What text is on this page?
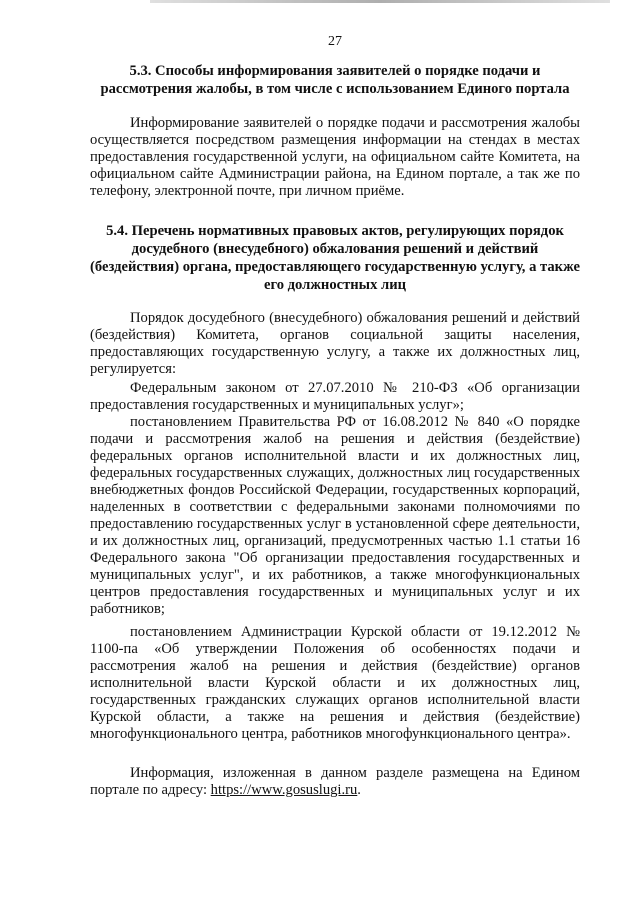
27

5.3. Способы информирования заявителей о порядке подачи и рассмотрения жалобы, в том числе с использованием Единого портала

Информирование заявителей о порядке подачи и рассмотрения жалобы осуществляется посредством размещения информации на стендах в местах предоставления государственной услуги, на официальном сайте Комитета, на официальном сайте Администрации района, на Едином портале, а так же по телефону, электронной почте, при личном приёме.

5.4. Перечень нормативных правовых актов, регулирующих порядок досудебного (внесудебного) обжалования решений и действий (бездействия) органа, предоставляющего государственную услугу, а также его должностных лиц

Порядок досудебного (внесудебного) обжалования решений и действий (бездействия) Комитета, органов социальной защиты населения, предоставляющих государственную услугу, а также их должностных лиц, регулируется:

Федеральным законом от 27.07.2010 № 210-ФЗ «Об организации предоставления государственных и муниципальных услуг»;

постановлением Правительства РФ от 16.08.2012 № 840 «О порядке подачи и рассмотрения жалоб на решения и действия (бездействие) федеральных органов исполнительной власти и их должностных лиц, федеральных государственных служащих, должностных лиц государственных внебюджетных фондов Российской Федерации, государственных корпораций, наделенных в соответствии с федеральными законами полномочиями по предоставлению государственных услуг в установленной сфере деятельности, и их должностных лиц, организаций, предусмотренных частью 1.1 статьи 16 Федерального закона "Об организации предоставления государственных и муниципальных услуг", и их работников, а также многофункциональных центров предоставления государственных и муниципальных услуг и их работников;

постановлением Администрации Курской области от 19.12.2012 № 1100-па «Об утверждении Положения об особенностях подачи и рассмотрения жалоб на решения и действия (бездействие) органов исполнительной власти Курской области и их должностных лиц, государственных гражданских служащих органов исполнительной власти Курской области, а также на решения и действия (бездействие) многофункционального центра, работников многофункционального центра».

Информация, изложенная в данном разделе размещена на Едином портале по адресу: https://www.gosuslugi.ru.
